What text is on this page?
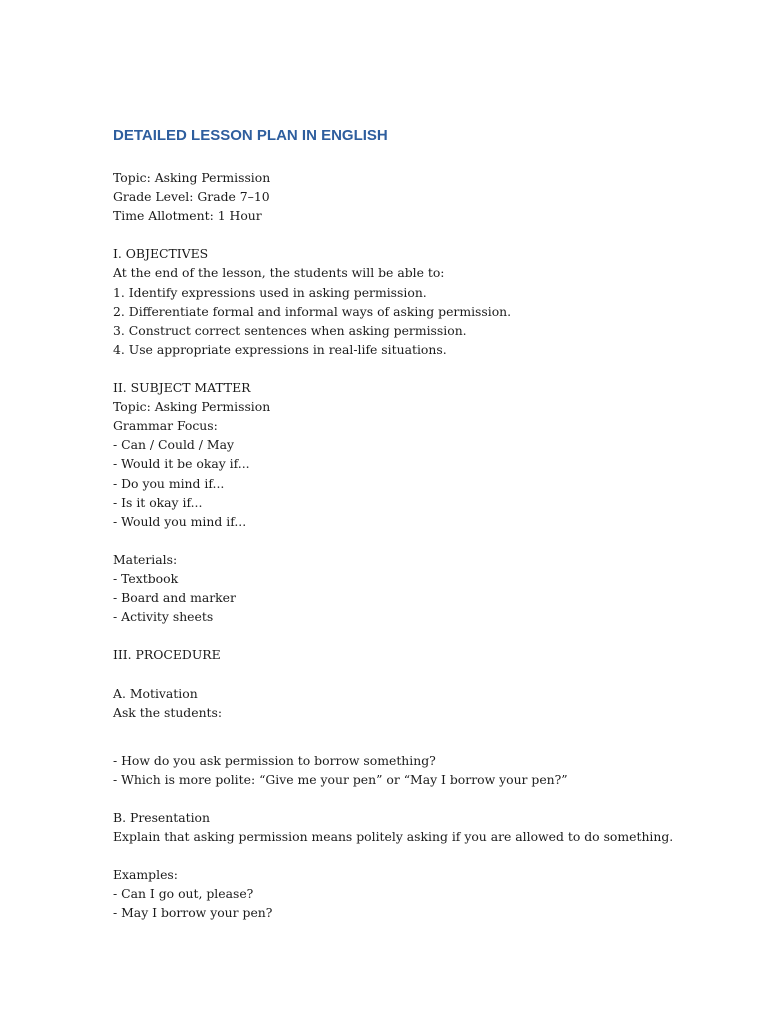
DETAILED LESSON PLAN IN ENGLISH
Topic: Asking Permission
Grade Level: Grade 7–10
Time Allotment: 1 Hour
I. OBJECTIVES
At the end of the lesson, the students will be able to:
1. Identify expressions used in asking permission.
2. Differentiate formal and informal ways of asking permission.
3. Construct correct sentences when asking permission.
4. Use appropriate expressions in real-life situations.
II. SUBJECT MATTER
Topic: Asking Permission
Grammar Focus:
- Can / Could / May
- Would it be okay if...
- Do you mind if...
- Is it okay if...
- Would you mind if...
Materials:
- Textbook
- Board and marker
- Activity sheets
III. PROCEDURE
A. Motivation
Ask the students:
- How do you ask permission to borrow something?
- Which is more polite: “Give me your pen” or “May I borrow your pen?”
B. Presentation
Explain that asking permission means politely asking if you are allowed to do something.
Examples:
- Can I go out, please?
- May I borrow your pen?
